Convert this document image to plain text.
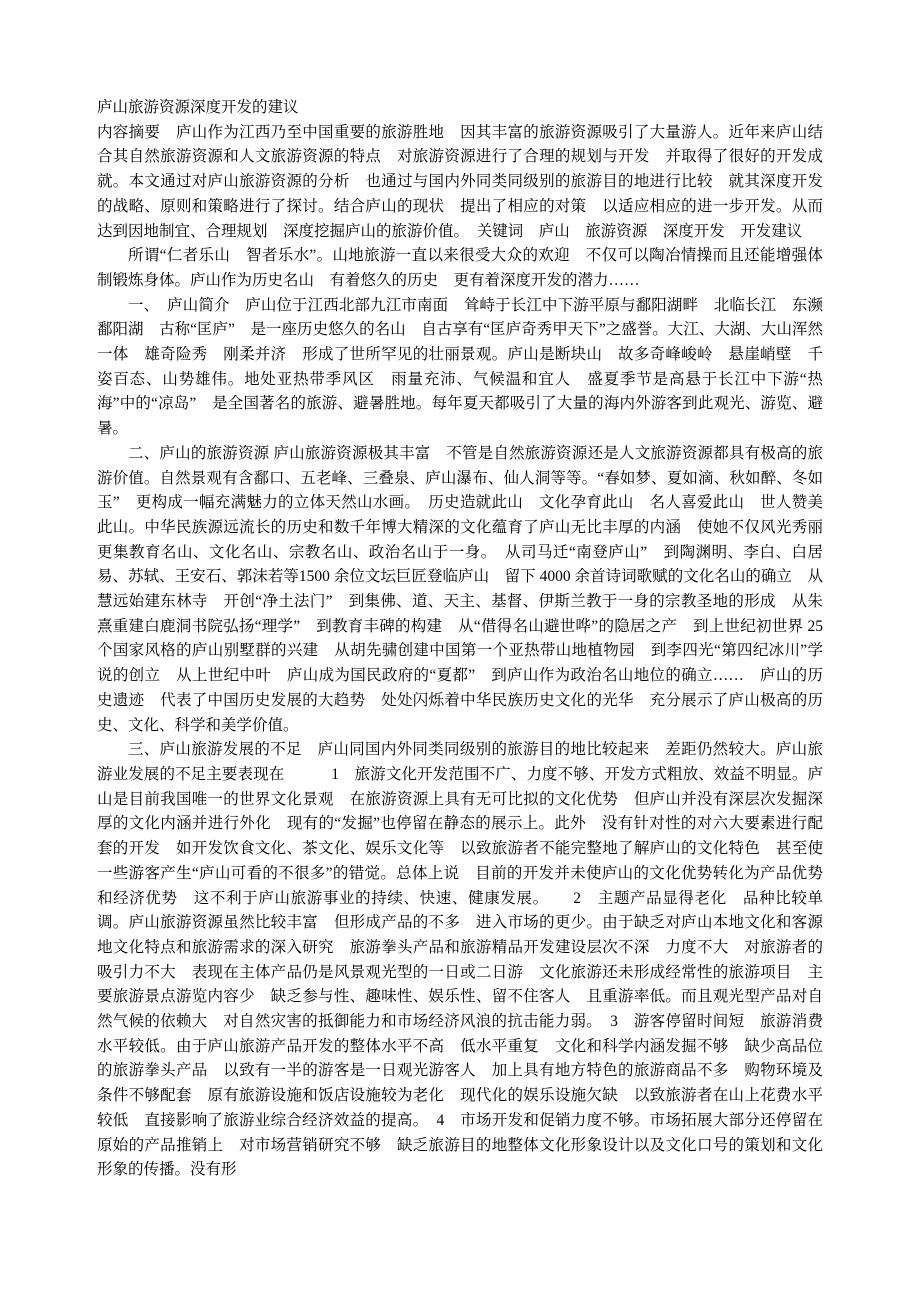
庐山旅游资源深度开发的建议

内容摘要　庐山作为江西乃至中国重要的旅游胜地　因其丰富的旅游资源吸引了大量游人。近年来庐山结合其自然旅游资源和人文旅游资源的特点　对旅游资源进行了合理的规划与开发　并取得了很好的开发成就。本文通过对庐山旅游资源的分析　也通过与国内外同类同级别的旅游目的地进行比较　就其深度开发的战略、原则和策略进行了探讨。结合庐山的现状　提出了相应的对策　以适应相应的进一步开发。从而达到因地制宜、合理规划　深度挖掘庐山的旅游价值。　关键词　庐山　旅游资源　深度开发　开发建议

所谓“仁者乐山　智者乐水”。山地旅游一直以来很受大众的欢迎　不仅可以陶冶情操而且还能增强体制锻炼身体。庐山作为历史名山　有着悠久的历史　更有着深度开发的潜力……

一、　庐山简介　庐山位于江西北部九江市南面　耸峙于长江中下游平原与鄱阳湖畔　北临长江　东濒鄱阳湖　古称“匡庐”　是一座历史悠久的名山　自古享有“匡庐奇秀甲天下”之盛誉。大江、大湖、大山浑然一体　雄奇险秀　刚柔并济　形成了世所罕见的壮丽景观。庐山是断块山　故多奇峰峻岭　悬崖峭壁　千姿百态、山势雄伟。地处亚热带季风区　雨量充沛、气候温和宜人　盛夏季节是高悬于长江中下游“热海”中的“凉岛”　是全国著名的旅游、避暑胜地。每年夏天都吸引了大量的海内外游客到此观光、游览、避暑。

二、庐山的旅游资源 庐山旅游资源极其丰富　不管是自然旅游资源还是人文旅游资源都具有极高的旅游价值。自然景观有含鄱口、五老峰、三叠泉、庐山瀑布、仙人洞等等。“春如梦、夏如滴、秋如醉、冬如玉”　更构成一幅充满魅力的立体天然山水画。　历史造就此山　文化孕育此山　名人喜爱此山　世人赞美此山。中华民族源远流长的历史和数千年博大精深的文化蕴育了庐山无比丰厚的内涵　使她不仅风光秀丽　更集教育名山、文化名山、宗教名山、政治名山于一身。　从司马迁“南登庐山”　到陶渊明、李白、白居易、苏轼、王安石、郭沫若等1500 余位文坛巨匠登临庐山　留下 4000 余首诗词歌赋的文化名山的确立　从慧远始建东林寺　开创“净土法门”　到集佛、道、天主、基督、伊斯兰教于一身的宗教圣地的形成　从朱熹重建白鹿洞书院弘扬“理学”　到教育丰碑的构建　从“借得名山避世哗”的隐居之产　到上世纪初世界 25 个国家风格的庐山别墅群的兴建　从胡先骕创建中国第一个亚热带山地植物园　到李四光“第四纪冰川”学说的创立　从上世纪中叶　庐山成为国民政府的“夏都”　到庐山作为政治名山地位的确立……　庐山的历史遗迹　代表了中国历史发展的大趋势　处处闪烁着中华民族历史文化的光华　充分展示了庐山极高的历史、文化、科学和美学价值。

三、庐山旅游发展的不足　庐山同国内外同类同级别的旅游目的地比较起来　差距仍然较大。庐山旅游业发展的不足主要表现在　　　1　旅游文化开发范围不广、力度不够、开发方式粗放、效益不明显。庐山是目前我国唯一的世界文化景观　在旅游资源上具有无可比拟的文化优势　但庐山并没有深层次发掘深厚的文化内涵并进行外化　现有的“发掘”也停留在静态的展示上。此外　没有针对性的对六大要素进行配套的开发　如开发饮食文化、茶文化、娱乐文化等　以致旅游者不能完整地了解庐山的文化特色　甚至使一些游客产生“庐山可看的不很多”的错觉。总体上说　目前的开发并未使庐山的文化优势转化为产品优势和经济优势　这不利于庐山旅游事业的持续、快速、健康发展。　　2　主题产品显得老化　品种比较单调。庐山旅游资源虽然比较丰富　但形成产品的不多　进入市场的更少。由于缺乏对庐山本地文化和客源地文化特点和旅游需求的深入研究　旅游拳头产品和旅游精品开发建设层次不深　力度不大　对旅游者的吸引力不大　表现在主体产品仍是风景观光型的一日或二日游　文化旅游还未形成经常性的旅游项目　主要旅游景点游览内容少　缺乏参与性、趣味性、娱乐性、留不住客人　且重游率低。而且观光型产品对自然气候的依赖大　对自然灾害的抵御能力和市场经济风浪的抗击能力弱。　3　游客停留时间短　旅游消费水平较低。由于庐山旅游产品开发的整体水平不高　低水平重复　文化和科学内涵发掘不够　缺少高品位的旅游拳头产品　以致有一半的游客是一日观光游客人　加上具有地方特色的旅游商品不多　购物环境及条件不够配套　原有旅游设施和饭店设施较为老化　现代化的娱乐设施欠缺　以致旅游者在山上花费水平较低　直接影响了旅游业综合经济效益的提高。　4　市场开发和促销力度不够。市场拓展大部分还停留在原始的产品推销上　对市场营销研究不够　缺乏旅游目的地整体文化形象设计以及文化口号的策划和文化形象的传播。没有形
